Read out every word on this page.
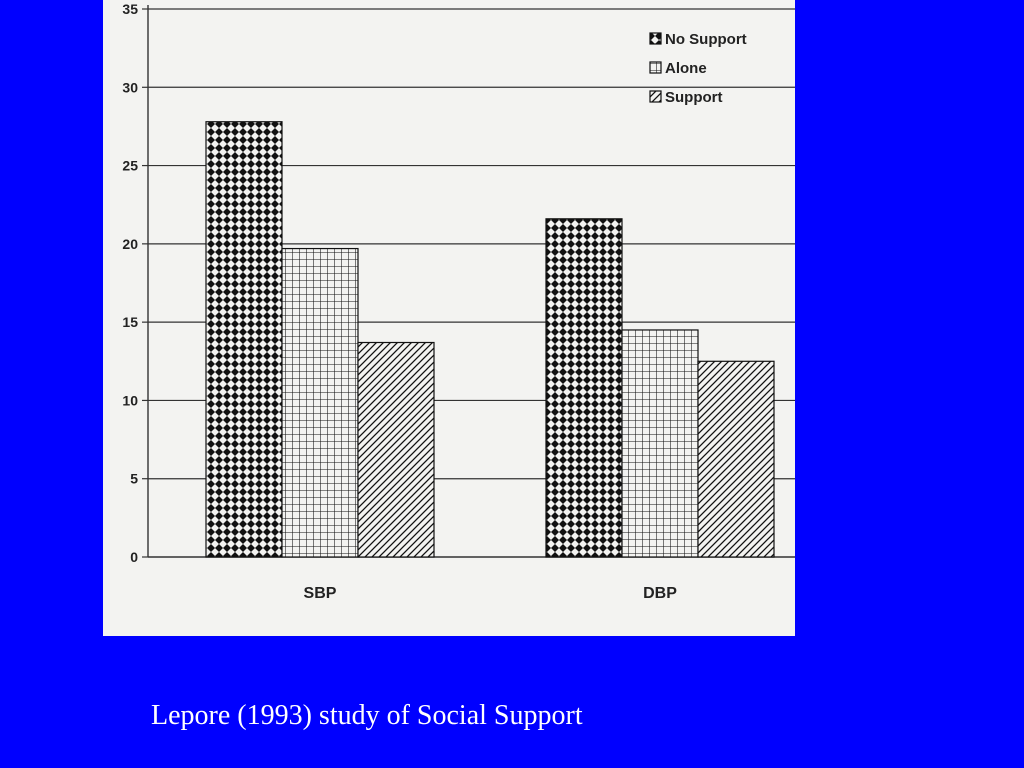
0
5
10
15
20
25
30
35
SBP	DBP
No Support
Alone
Support
Lepore (1993) study of Social Support
